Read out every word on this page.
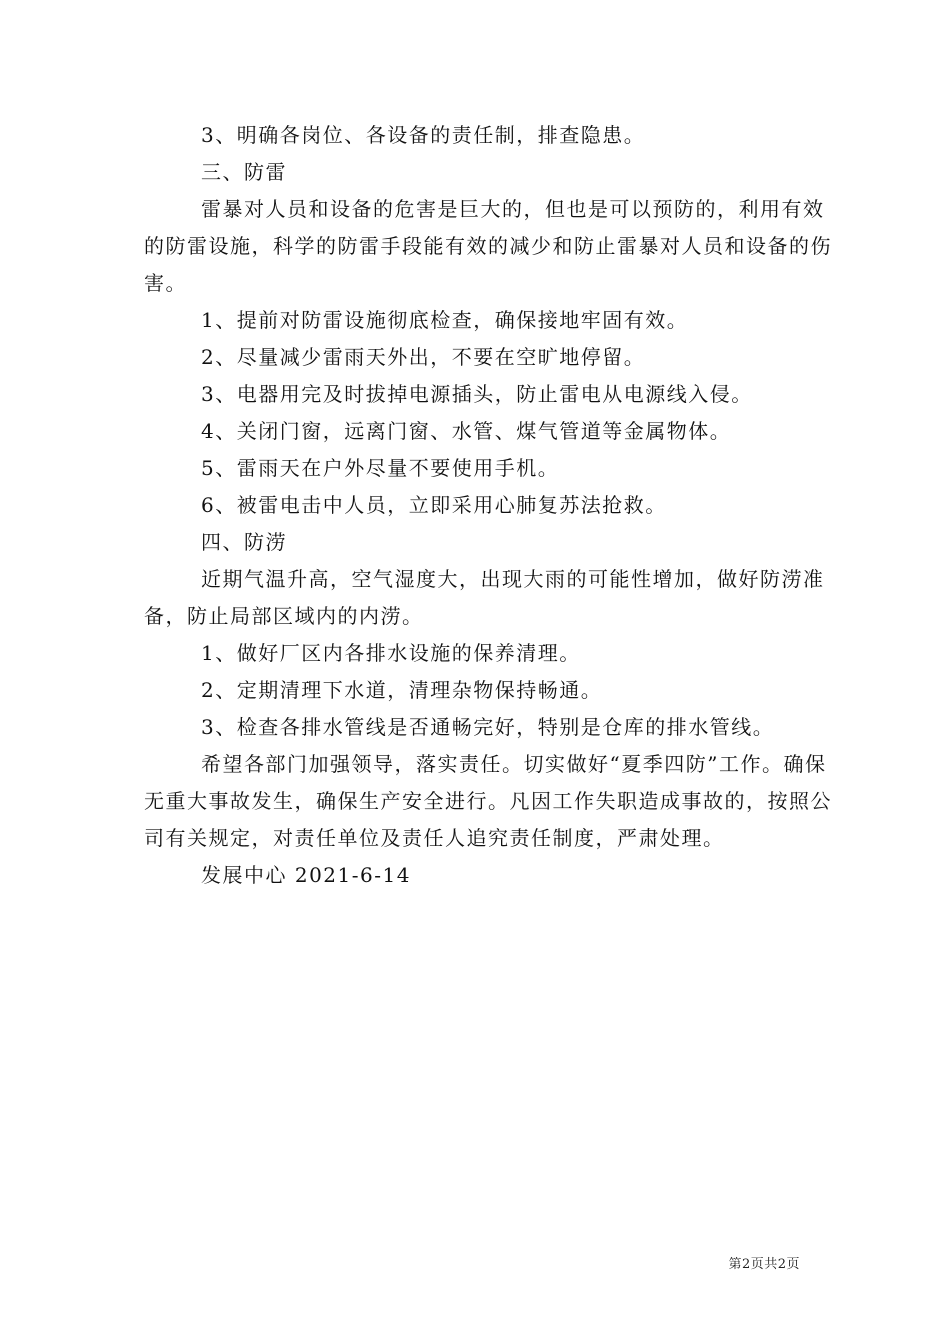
3、明确各岗位、各设备的责任制，排查隐患。

三、防雷

雷暴对人员和设备的危害是巨大的，但也是可以预防的，利用有效的防雷设施，科学的防雷手段能有效的减少和防止雷暴对人员和设备的伤害。

1、提前对防雷设施彻底检查，确保接地牢固有效。

2、尽量减少雷雨天外出，不要在空旷地停留。

3、电器用完及时拔掉电源插头，防止雷电从电源线入侵。

4、关闭门窗，远离门窗、水管、煤气管道等金属物体。

5、雷雨天在户外尽量不要使用手机。

6、被雷电击中人员，立即采用心肺复苏法抢救。

四、防涝

近期气温升高，空气湿度大，出现大雨的可能性增加，做好防涝准备，防止局部区域内的内涝。

1、做好厂区内各排水设施的保养清理。

2、定期清理下水道，清理杂物保持畅通。

3、检查各排水管线是否通畅完好，特别是仓库的排水管线。

希望各部门加强领导，落实责任。切实做好“夏季四防”工作。确保无重大事故发生，确保生产安全进行。凡因工作失职造成事故的，按照公司有关规定，对责任单位及责任人追究责任制度，严肃处理。

发展中心 2021-6-14

第2页共2页
